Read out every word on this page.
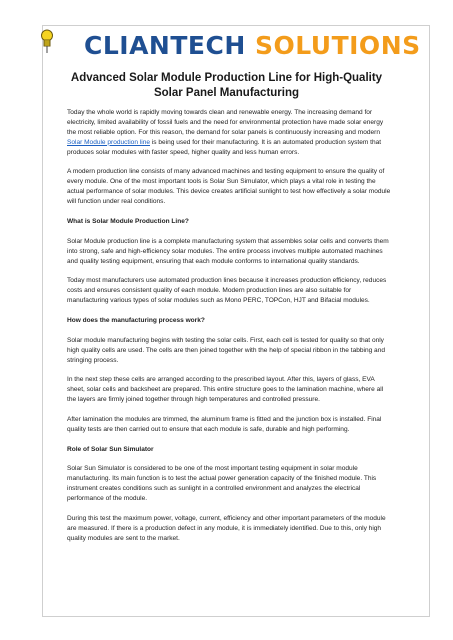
CLIANTECH SOLUTIONS
Advanced Solar Module Production Line for High-Quality Solar Panel Manufacturing

Today the whole world is rapidly moving towards clean and renewable energy. The increasing demand for electricity, limited availability of fossil fuels and the need for environmental protection have made solar energy the most reliable option. For this reason, the demand for solar panels is continuously increasing and modern Solar Module production line is being used for their manufacturing. It is an automated production system that produces solar modules with faster speed, higher quality and less human errors.

A modern production line consists of many advanced machines and testing equipment to ensure the quality of every module. One of the most important tools is Solar Sun Simulator, which plays a vital role in testing the actual performance of solar modules. This device creates artificial sunlight to test how effectively a solar module will function under real conditions.

What is Solar Module Production Line?

Solar Module production line is a complete manufacturing system that assembles solar cells and converts them into strong, safe and high-efficiency solar modules. The entire process involves multiple automated machines and quality testing equipment, ensuring that each module conforms to international quality standards.

Today most manufacturers use automated production lines because it increases production efficiency, reduces costs and ensures consistent quality of each module. Modern production lines are also suitable for manufacturing various types of solar modules such as Mono PERC, TOPCon, HJT and Bifacial modules.

How does the manufacturing process work?

Solar module manufacturing begins with testing the solar cells. First, each cell is tested for quality so that only high quality cells are used. The cells are then joined together with the help of special ribbon in the tabbing and stringing process.

In the next step these cells are arranged according to the prescribed layout. After this, layers of glass, EVA sheet, solar cells and backsheet are prepared. This entire structure goes to the lamination machine, where all the layers are firmly joined together through high temperatures and controlled pressure.

After lamination the modules are trimmed, the aluminum frame is fitted and the junction box is installed. Final quality tests are then carried out to ensure that each module is safe, durable and high performing.

Role of Solar Sun Simulator

Solar Sun Simulator is considered to be one of the most important testing equipment in solar module manufacturing. Its main function is to test the actual power generation capacity of the finished module. This instrument creates conditions such as sunlight in a controlled environment and analyzes the electrical performance of the module.

During this test the maximum power, voltage, current, efficiency and other important parameters of the module are measured. If there is a production defect in any module, it is immediately identified. Due to this, only high quality modules are sent to the market.
